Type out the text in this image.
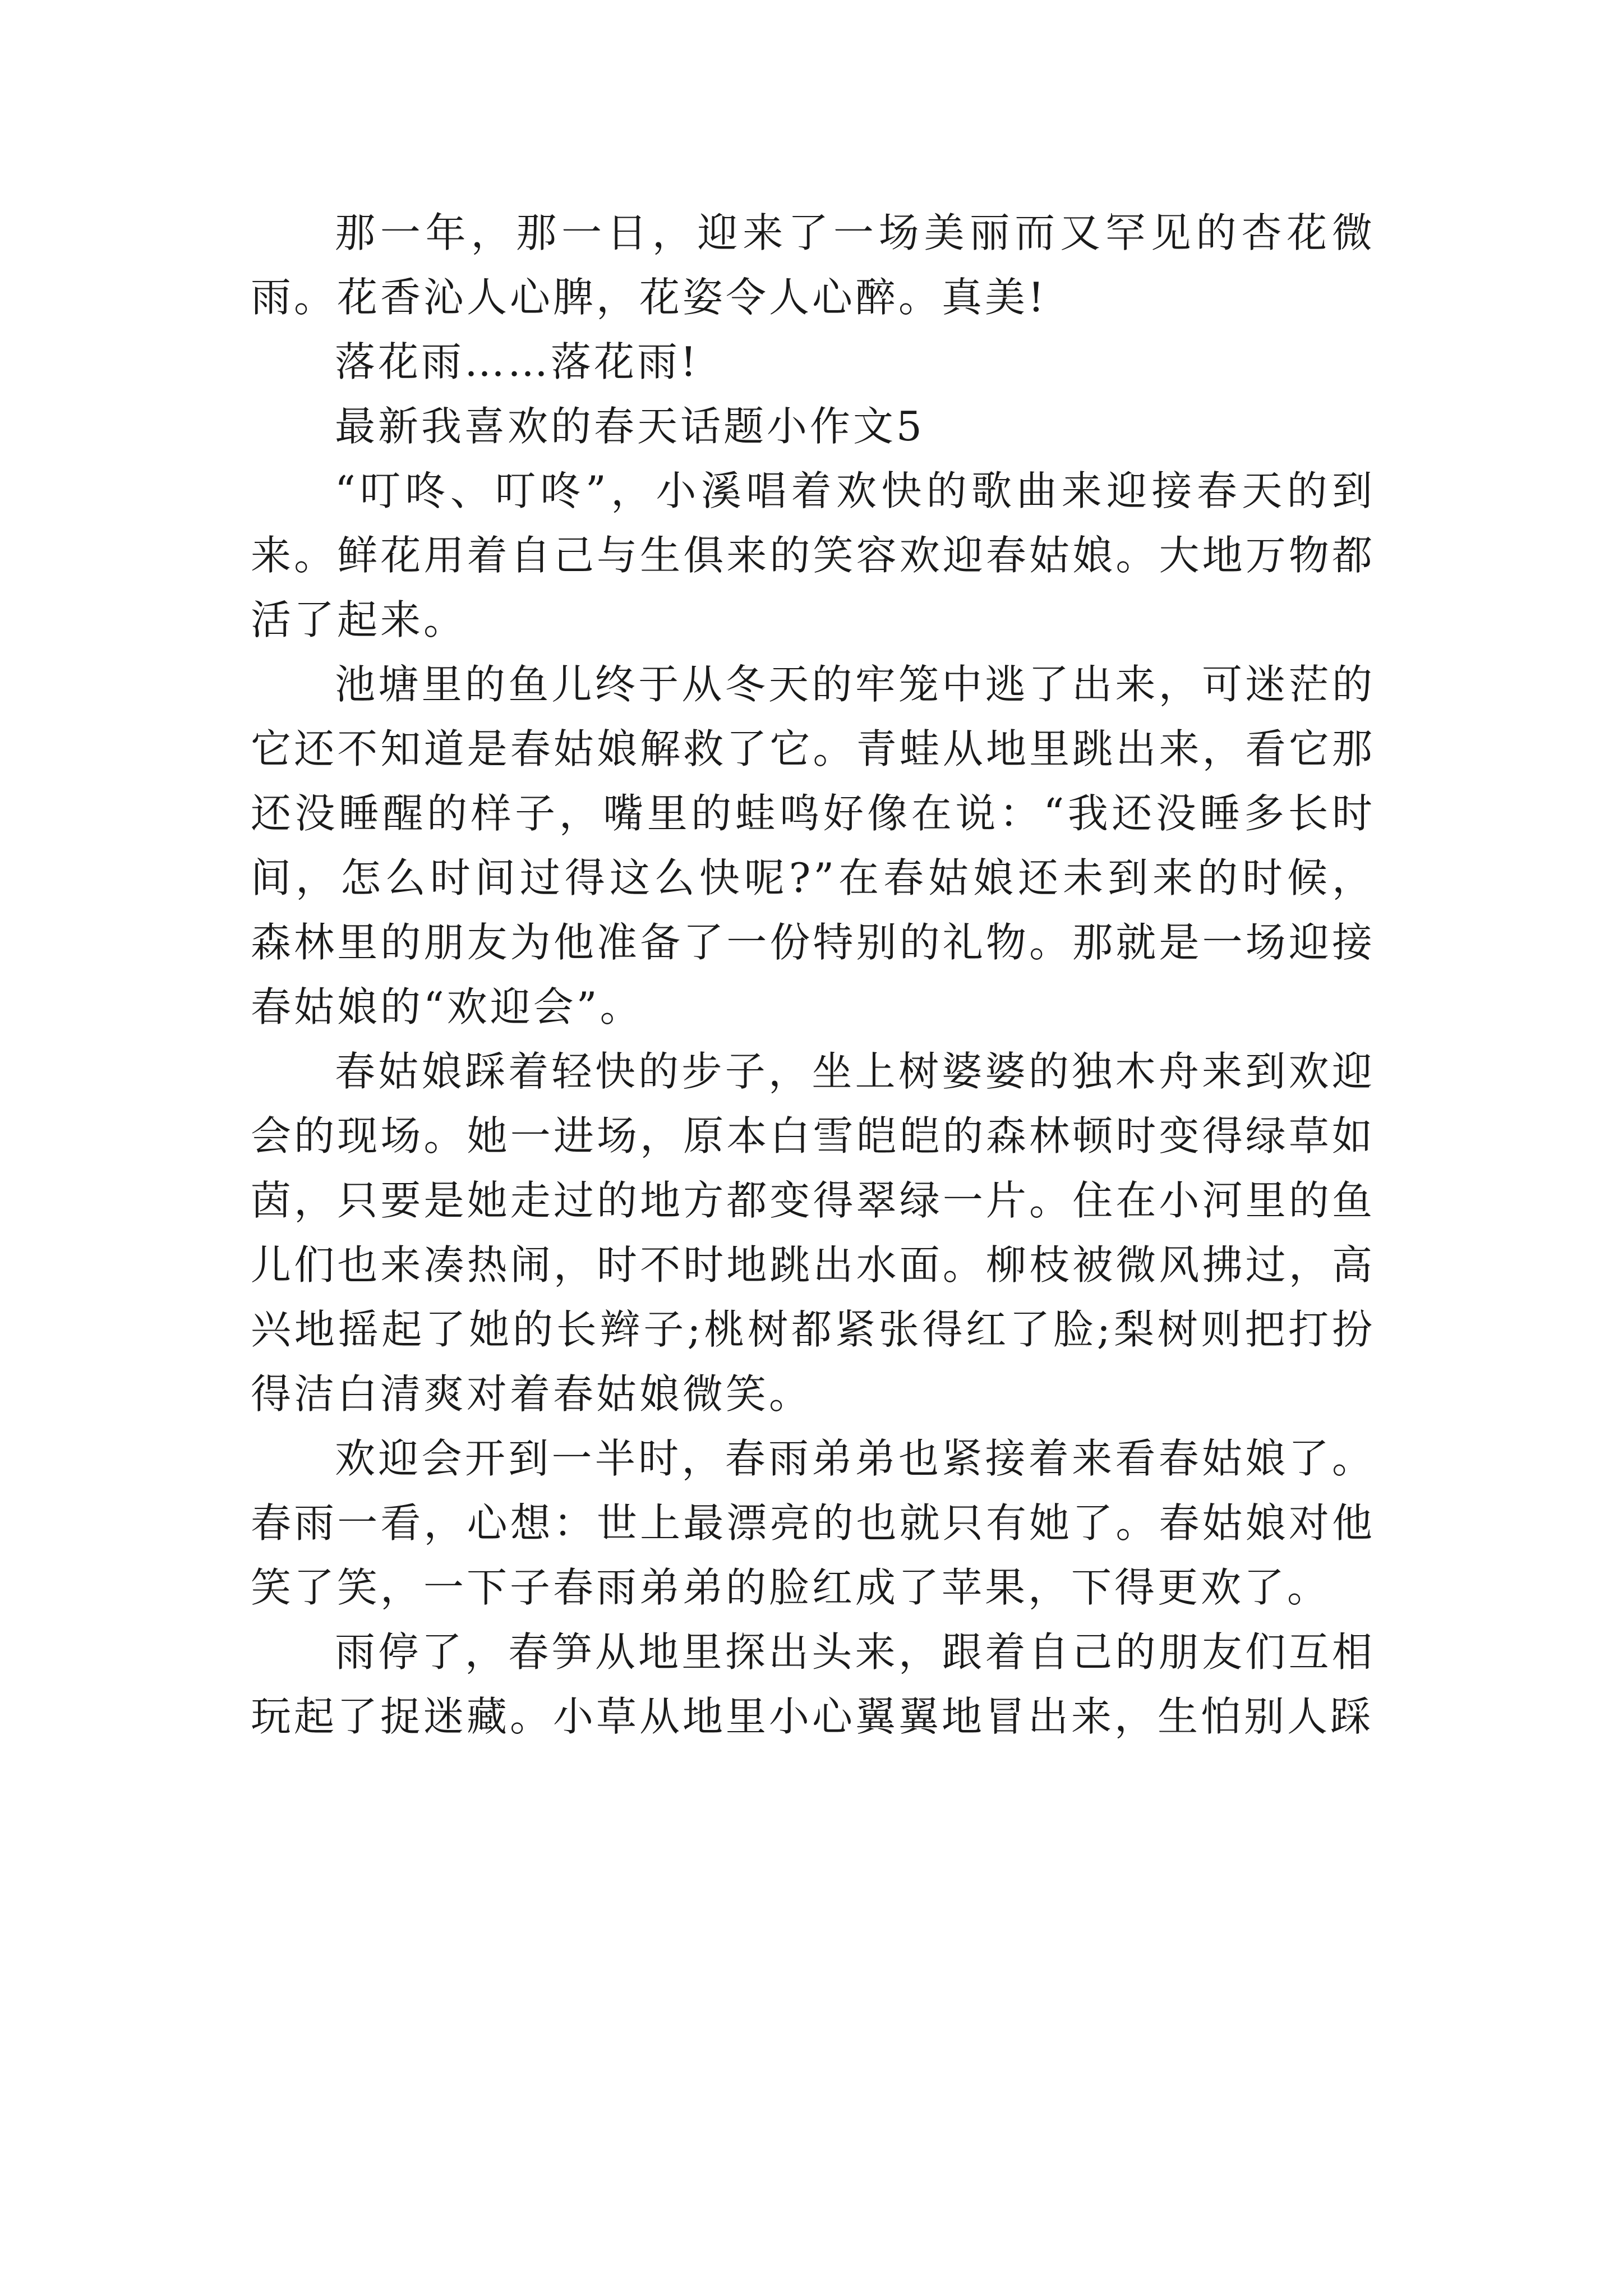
那一年，那一日，迎来了一场美丽而又罕见的杏花微雨。花香沁人心脾，花姿令人心醉。真美!

落花雨……落花雨!

最新我喜欢的春天话题小作文5

“叮咚、叮咚”，小溪唱着欢快的歌曲来迎接春天的到来。鲜花用着自己与生俱来的笑容欢迎春姑娘。大地万物都活了起来。

池塘里的鱼儿终于从冬天的牢笼中逃了出来，可迷茫的它还不知道是春姑娘解救了它。青蛙从地里跳出来，看它那还没睡醒的样子，嘴里的蛙鸣好像在说：“我还没睡多长时间，怎么时间过得这么快呢?”在春姑娘还未到来的时候，森林里的朋友为他准备了一份特别的礼物。那就是一场迎接春姑娘的“欢迎会”。

春姑娘踩着轻快的步子，坐上树婆婆的独木舟来到欢迎会的现场。她一进场，原本白雪皑皑的森林顿时变得绿草如茵，只要是她走过的地方都变得翠绿一片。住在小河里的鱼儿们也来凑热闹，时不时地跳出水面。柳枝被微风拂过，高兴地摇起了她的长辫子;桃树都紧张得红了脸;梨树则把打扮得洁白清爽对着春姑娘微笑。

欢迎会开到一半时，春雨弟弟也紧接着来看春姑娘了。春雨一看，心想：世上最漂亮的也就只有她了。春姑娘对他笑了笑，一下子春雨弟弟的脸红成了苹果，下得更欢了。

雨停了，春笋从地里探出头来，跟着自己的朋友们互相玩起了捉迷藏。小草从地里小心翼翼地冒出来，生怕别人踩
